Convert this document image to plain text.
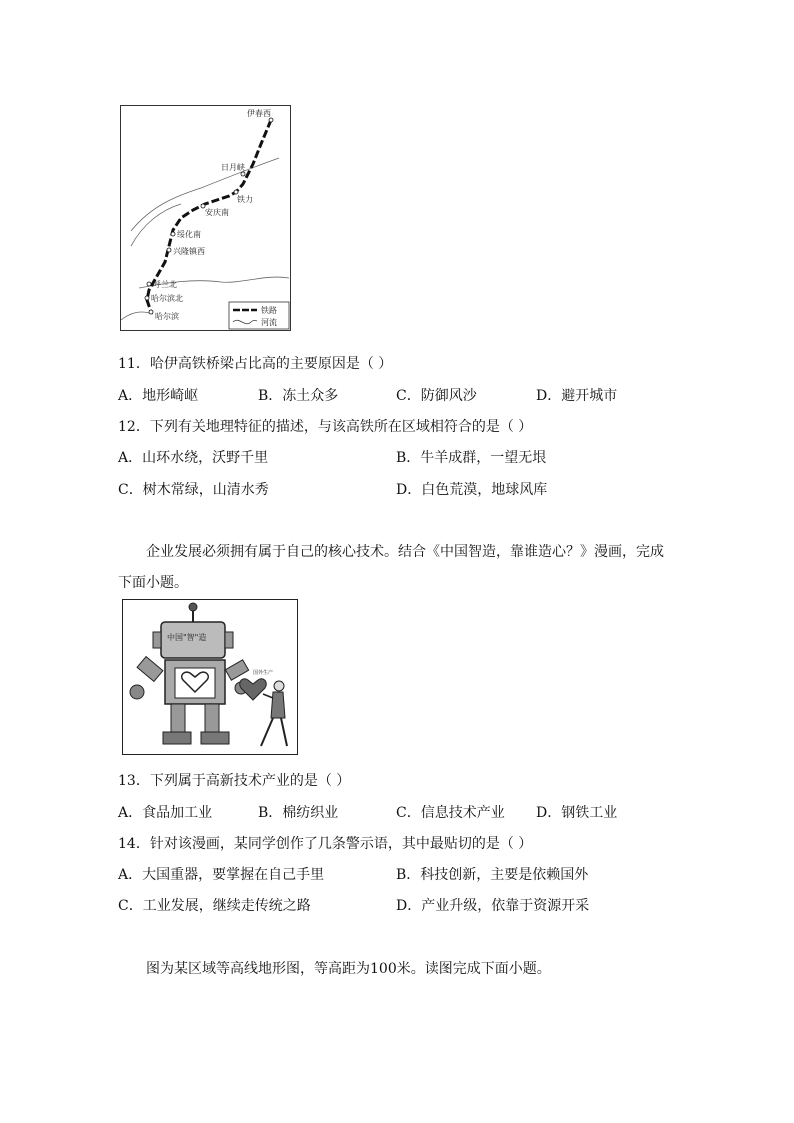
伊春西
日月峡
铁力
安庆南
绥化南
兴隆镇西
呼兰北
哈尔滨北
哈尔滨
铁路
河流
11．哈伊高铁桥梁占比高的主要原因是（ ）
A．地形崎岖	B．冻土众多	C．防御风沙	D．避开城市
12．下列有关地理特征的描述，与该高铁所在区域相符合的是（ ）
A．山环水绕，沃野千里	B．牛羊成群，一望无垠
C．树木常绿，山清水秀	D．白色荒漠，地球风库
企业发展必须拥有属于自己的核心技术。结合《中国智造，靠谁造心？》漫画，完成
下面小题。
中国"智"造
国外生产
13．下列属于高新技术产业的是（ ）
A．食品加工业	B．棉纺织业	C．信息技术产业 D．钢铁工业
14．针对该漫画，某同学创作了几条警示语，其中最贴切的是（ ）
A．大国重器，要掌握在自己手里	B．科技创新，主要是依赖国外
C．工业发展，继续走传统之路	D．产业升级，依靠于资源开采
图为某区域等高线地形图，等高距为100米。读图完成下面小题。
